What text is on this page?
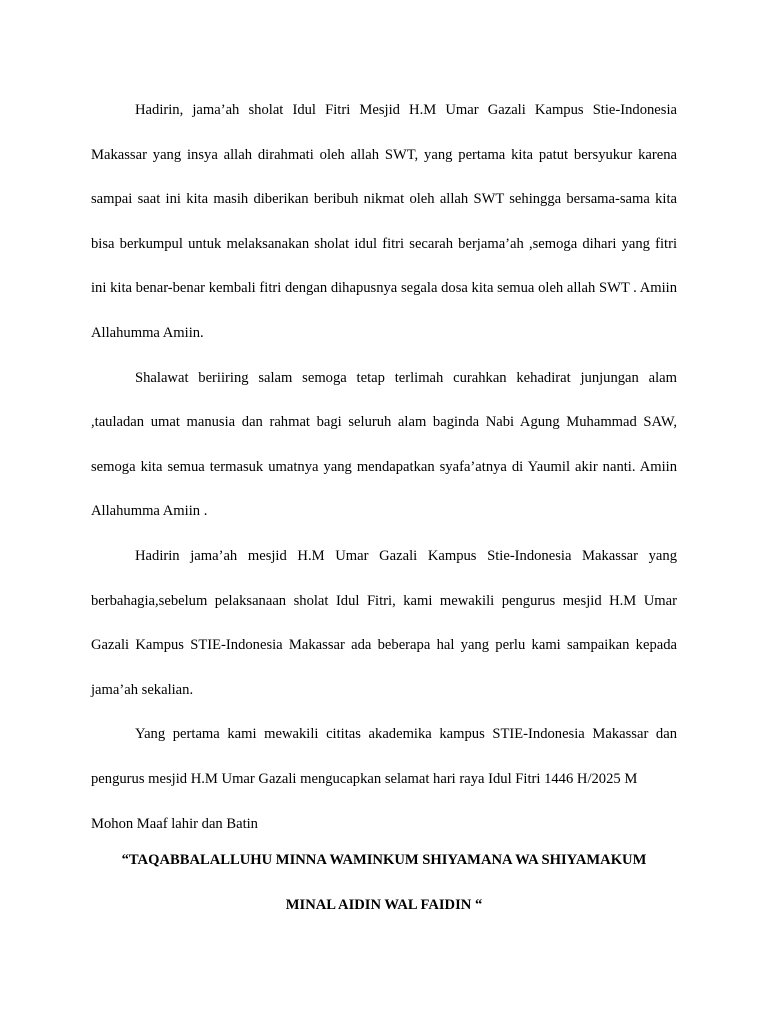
Hadirin, jama’ah sholat Idul Fitri Mesjid H.M Umar Gazali Kampus Stie-Indonesia Makassar yang insya allah dirahmati oleh allah SWT, yang pertama kita patut bersyukur karena sampai saat ini kita masih diberikan beribuh nikmat oleh allah SWT sehingga bersama-sama kita bisa berkumpul untuk melaksanakan sholat idul fitri secarah berjama’ah ,semoga dihari yang fitri ini kita benar-benar kembali fitri dengan dihapusnya segala dosa kita semua oleh allah SWT . Amiin Allahumma Amiin.

Shalawat beriiring salam semoga tetap terlimah curahkan kehadirat junjungan alam ,tauladan umat manusia dan rahmat bagi seluruh alam baginda Nabi Agung Muhammad SAW, semoga kita semua termasuk umatnya yang mendapatkan syafa’atnya di Yaumil akir nanti. Amiin Allahumma Amiin .

Hadirin jama’ah mesjid H.M Umar Gazali Kampus Stie-Indonesia Makassar yang berbahagia,sebelum pelaksanaan sholat Idul Fitri, kami mewakili pengurus mesjid H.M Umar Gazali Kampus STIE-Indonesia Makassar ada beberapa hal yang perlu kami sampaikan kepada jama’ah sekalian.

Yang pertama kami mewakili cititas akademika kampus STIE-Indonesia Makassar dan pengurus mesjid H.M Umar Gazali mengucapkan selamat hari raya Idul Fitri 1446 H/2025 M

Mohon Maaf lahir dan Batin

“TAQABBALALLUHU MINNA WAMINKUM SHIYAMANA WA SHIYAMAKUM

MINAL AIDIN WAL FAIDIN “
